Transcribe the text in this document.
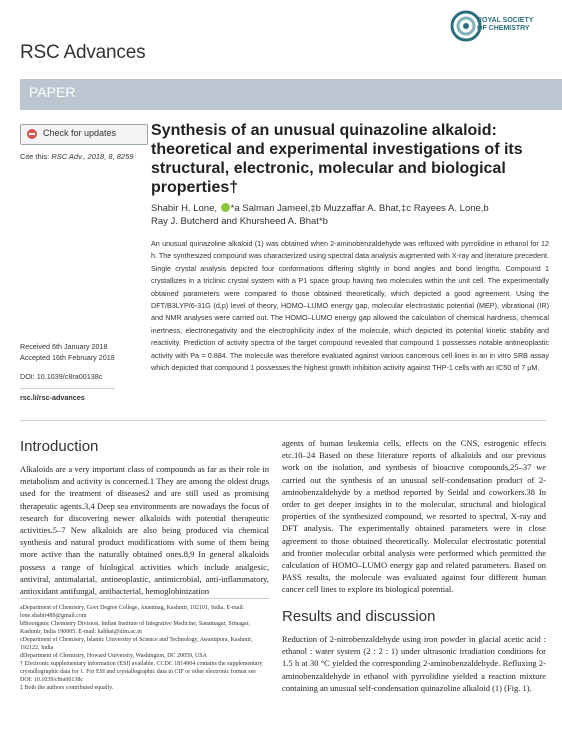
RSC Advances
ROYAL SOCIETY
OF CHEMISTRY
PAPER
Check for updates
Cite this: RSC Adv., 2018, 8, 8259
Received 6th January 2018
Accepted 16th February 2018
DOI: 10.1039/c8ra00138c
rsc.li/rsc-advances
Synthesis of an unusual quinazoline alkaloid: theoretical and experimental investigations of its structural, electronic, molecular and biological properties†
Shabir H. Lone, *a Salman Jameel,‡b Muzzaffar A. Bhat,‡c Rayees A. Lone,b
Ray J. Butcherd and Khursheed A. Bhat*b
An unusual quinazoline alkaloid (1) was obtained when 2-aminobenzaldehyde was refluxed with pyrrolidine in ethanol for 12 h. The synthesized compound was characterized using spectral data analysis augmented with X-ray and literature precedent. Single crystal analysis depicted four conformations differing slightly in bond angles and bond lengths. Compound 1 crystallizes in a triclinic crystal system with a P1 space group having two molecules within the unit cell. The experimentally obtained parameters were compared to those obtained theoretically, which depicted a good agreement. Using the DFT/B3LYP/6-31G (d,p) level of theory, HOMO–LUMO energy gap, molecular electrostatic potential (MEP), vibrational (IR) and NMR analyses were carried out. The HOMO–LUMO energy gap allowed the calculation of chemical hardness, chemical inertness, electronegativity and the electrophilicity index of the molecule, which depicted its potential kinetic stability and reactivity. Prediction of activity spectra of the target compound revealed that compound 1 possesses notable antineoplastic activity with Pa = 0.884. The molecule was therefore evaluated against various cancerous cell lines in an in vitro SRB assay which depicted that compound 1 possesses the highest growth inhibition activity against THP-1 cells with an IC50 of 7 μM.
Introduction
Alkaloids are a very important class of compounds as far as their role in metabolism and activity is concerned.1 They are among the oldest drugs used for the treatment of diseases2 and are still used as promising therapeutic agents.3,4 Deep sea environments are nowadays the focus of research for discovering newer alkaloids with potential therapeutic activities.5–7 New alkaloids are also being produced via chemical synthesis and natural product modifications with some of them being more active than the naturally obtained ones.8,9 In general alkaloids possess a range of biological activities which include analgesic, antiviral, antimalarial, antineoplastic, antimicrobial, anti-inflammatory, antioxidant antifungal, antibacterial, hemoglobinization
agents of human leukemia cells, effects on the CNS, estrogenic effects etc.10–24 Based on these literature reports of alkaloids and our previous work on the isolation, and synthesis of bioactive compounds,25–37 we carried out the synthesis of an unusual self-condensation product of 2-aminobenzaldehyde by a method reported by Seidal and coworkers.38 In order to get deeper insights in to the molecular, structural and biological properties of the synthesized compound, we resorted to spectral, X-ray and DFT analysis. The experimentally obtained parameters were in close agreement to those obtained theoretically. Molecular electrostatic potential and frontier molecular orbital analysis were performed which permitted the calculation of HOMO–LUMO energy gap and related parameters. Based on PASS results, the molecule was evaluated against four different human cancer cell lines to explore its biological potential.

aDepartment of Chemistry, Govt Degree College, Anantnag, Kashmir, 192101, India. E-mail: lone.shabir489@gmail.com

bBioorganic Chemistry Division, Indian Institute of Integrative Medicine, Sanatnagar, Srinagar, Kashmir, India 190005. E-mail: kabhat@iiim.ac.in

cDepartment of Chemistry, Islamic University of Science and Technology, Awantipora, Kashmir, 192122, India

dDepartment of Chemistry, Howard University, Washington, DC 20059, USA

† Electronic supplementary information (ESI) available. CCDC 1814904 contains the supplementary crystallographic data for 1. For ESI and crystallographic data in CIF or other electronic format see DOI: 10.1039/c8ra00138c

‡ Both the authors contributed equally.

Results and discussion
Reduction of 2-nitrobenzaldehyde using iron powder in glacial acetic acid : ethanol : water system (2 : 2 : 1) under ultrasonic irradiation conditions for 1.5 h at 30 °C yielded the corresponding 2-aminobenzaldehyde. Refluxing 2-aminobenzaldehyde in ethanol with pyrrolidine yielded a reaction mixture containing an unusual self-condensation quinazoline alkaloid (1) (Fig. 1).
